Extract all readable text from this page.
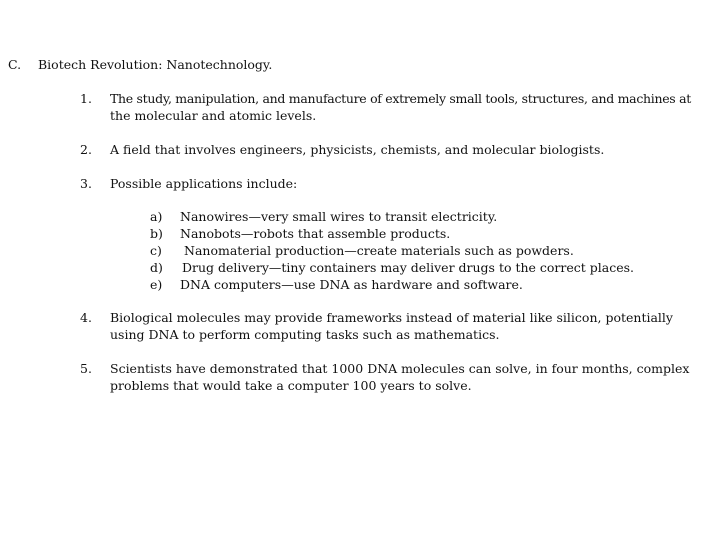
C. Biotech Revolution: Nanotechnology.
1. The study, manipulation, and manufacture of extremely small tools, structures, and machines at
the molecular and atomic levels.
2. A field that involves engineers, physicists, chemists, and molecular biologists.
3. Possible applications include:
a) Nanowires—very small wires to transit electricity.
b) Nanobots—robots that assemble products.
c) Nanomaterial production—create materials such as powders.
d) Drug delivery—tiny containers may deliver drugs to the correct places.
e) DNA computers—use DNA as hardware and software.
4. Biological molecules may provide frameworks instead of material like silicon, potentially
using DNA to perform computing tasks such as mathematics.
5. Scientists have demonstrated that 1000 DNA molecules can solve, in four months, complex
problems that would take a computer 100 years to solve.
